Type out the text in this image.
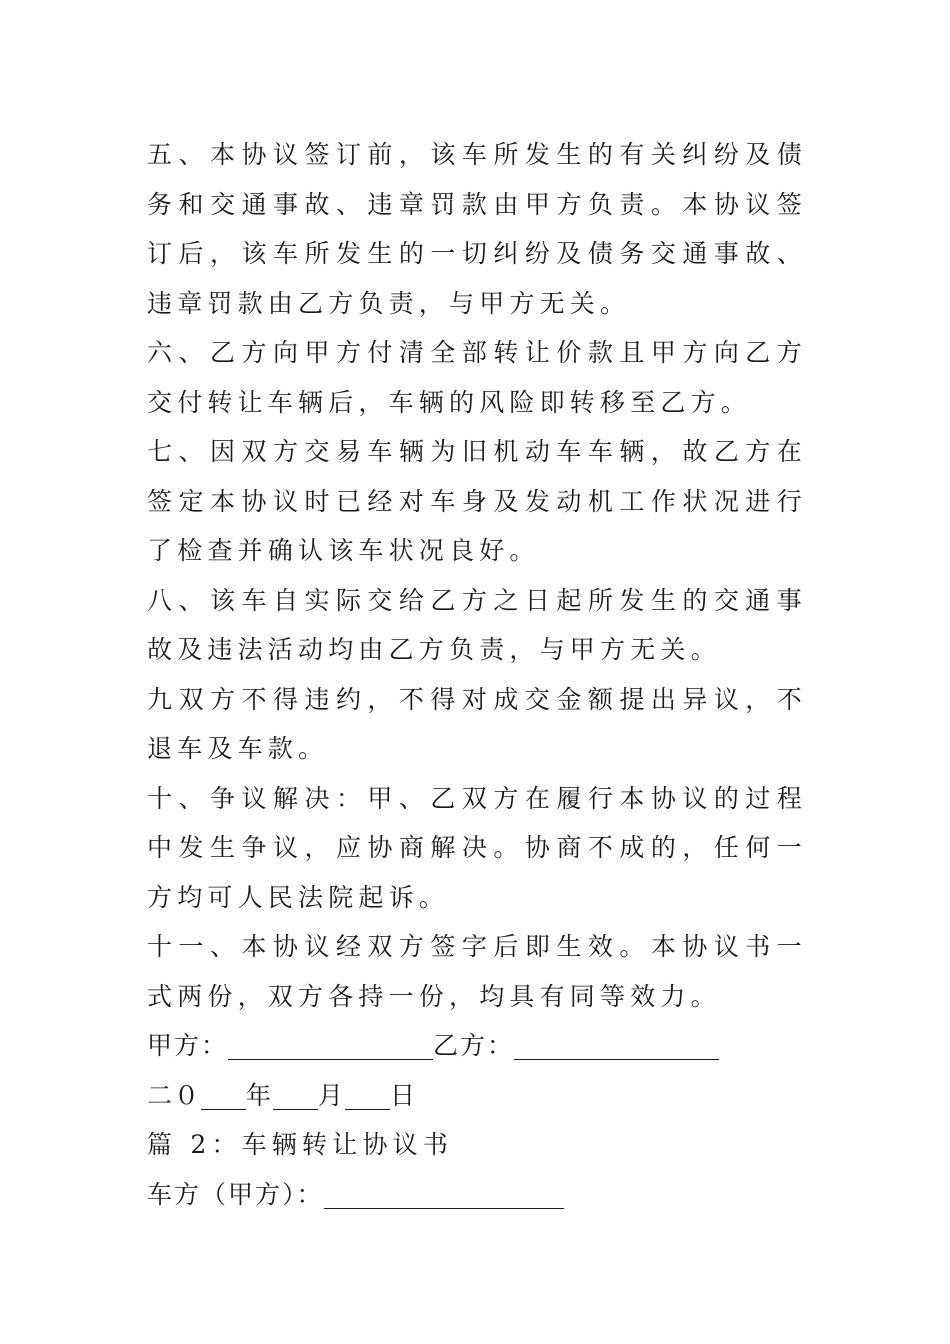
五、本协议签订前，该车所发生的有关纠纷及债务和交通事故、违章罚款由甲方负责。本协议签订后，该车所发生的一切纠纷及债务交通事故、违章罚款由乙方负责，与甲方无关。
六、乙方向甲方付清全部转让价款且甲方向乙方交付转让车辆后，车辆的风险即转移至乙方。
七、因双方交易车辆为旧机动车车辆，故乙方在签定本协议时已经对车身及发动机工作状况进行了检查并确认该车状况良好。
八、该车自实际交给乙方之日起所发生的交通事故及违法活动均由乙方负责，与甲方无关。
九双方不得违约，不得对成交金额提出异议，不退车及车款。
十、争议解决：甲、乙双方在履行本协议的过程中发生争议，应协商解决。协商不成的，任何一方均可人民法院起诉。
十一、本协议经双方签字后即生效。本协议书一式两份，双方各持一份，均具有同等效力。
甲方：	乙方：
二０ 年 月 日
篇 2：车辆转让协议书
车方（甲方）：
